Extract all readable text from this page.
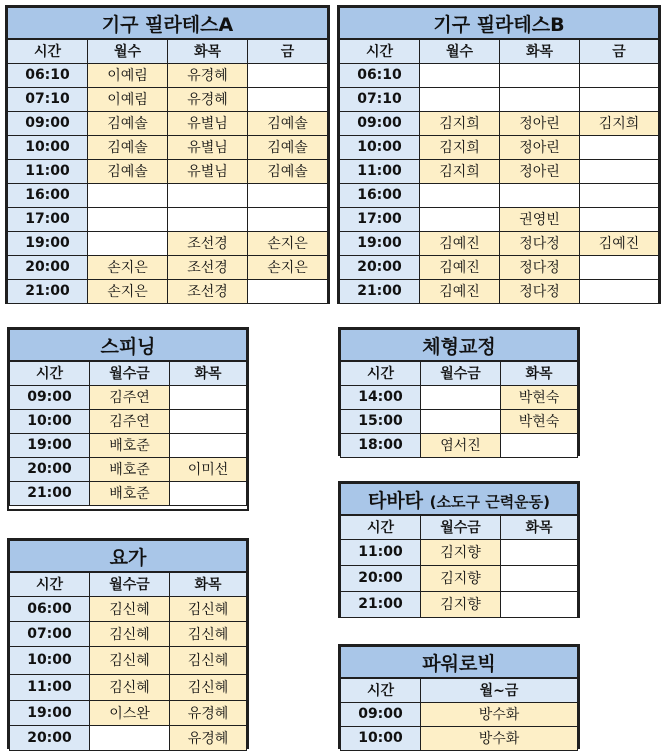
기구 필라테스A			
시간	월수	화목	금
06:10	이예림	유경혜	
07:10	이예림	유경혜	
09:00	김예솔	유별님	김예솔
10:00	김예솔	유별님	김예솔
11:00	김예솔	유별님	김예솔
16:00			
17:00			
19:00		조선경	손지은
20:00	손지은	조선경	손지은
21:00	손지은	조선경	
기구 필라테스B			
시간	월수	화목	금
06:10			
07:10			
09:00	김지희	정아린	김지희
10:00	김지희	정아린	
11:00	김지희	정아린	
16:00			
17:00		권영빈	
19:00	김예진	정다정	김예진
20:00	김예진	정다정	
21:00	김예진	정다정	
스피닝		
시간	월수금	화목
09:00	김주연	
10:00	김주연	
19:00	배호준	
20:00	배호준	이미선
21:00	배호준	
체형교정		
시간	월수금	화목
14:00		박현숙
15:00		박현숙
18:00	염서진	
타바타 (소도구 근력운동)		
시간	월수금	화목
11:00	김지향	
20:00	김지향	
21:00	김지향	
요가		
시간	월수금	화목
06:00	김신혜	김신혜
07:00	김신혜	김신혜
10:00	김신혜	김신혜
11:00	김신혜	김신혜
19:00	이스완	유경혜
20:00		유경혜
파워로빅	
시간	월~금
09:00	방수화
10:00	방수화
